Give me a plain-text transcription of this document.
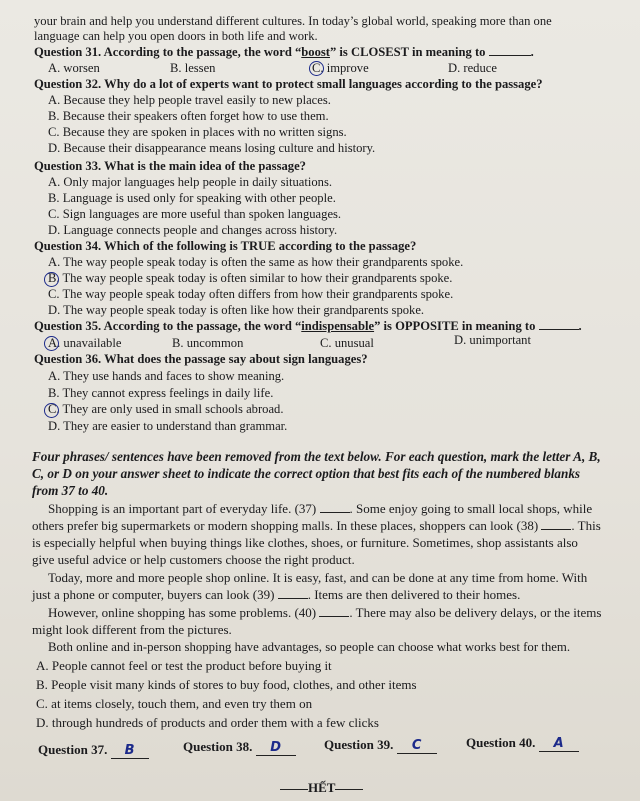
your brain and help you understand different cultures. In today’s global world, speaking more than one
language can help you open doors in both life and work.
Question 31. According to the passage, the word “boost” is CLOSEST in meaning to	.
A. worsen	B. lessen	C. improve	D. reduce
Question 32. Why do a lot of experts want to protect small languages according to the passage?
A. Because they help people travel easily to new places.
B. Because their speakers often forget how to use them.
C. Because they are spoken in places with no written signs.
D. Because their disappearance means losing culture and history.
Question 33. What is the main idea of the passage?
A. Only major languages help people in daily situations.
B. Language is used only for speaking with other people.
C. Sign languages are more useful than spoken languages.
D. Language connects people and changes across history.
Question 34. Which of the following is TRUE according to the passage?
A. The way people speak today is often the same as how their grandparents spoke.
B. The way people speak today is often similar to how their grandparents spoke.
C. The way people speak today often differs from how their grandparents spoke.
D. The way people speak today is often like how their grandparents spoke.
Question 35. According to the passage, the word “indispensable” is OPPOSITE in meaning to	.
A. unavailable	B. uncommon	C. unusual	D. unimportant
Question 36. What does the passage say about sign languages?
A. They use hands and faces to show meaning.
B. They cannot express feelings in daily life.
C. They are only used in small schools abroad.
D. They are easier to understand than grammar.
Four phrases/ sentences have been removed from the text below. For each question, mark the letter A, B,
C, or D on your answer sheet to indicate the correct option that best fits each of the numbered blanks
from 37 to 40.
Shopping is an important part of everyday life. (37)	. Some enjoy going to small local shops, while
others prefer big supermarkets or modern shopping malls. In these places, shoppers can look (38)	. This
is especially helpful when buying things like clothes, shoes, or furniture. Sometimes, shop assistants also
give useful advice or help customers choose the right product.
Today, more and more people shop online. It is easy, fast, and can be done at any time from home. With
just a phone or computer, buyers can look (39)	. Items are then delivered to their homes.
However, online shopping has some problems. (40)	. There may also be delivery delays, or the items
might look different from the pictures.
Both online and in-person shopping have advantages, so people can choose what works best for them.
A. People cannot feel or test the product before buying it
B. People visit many kinds of stores to buy food, clothes, and other items
C. at items closely, touch them, and even try them on
D. through hundreds of products and order them with a few clicks
Question 37. B	Question 38. D	Question 39. C	Question 40. A
HẾT
